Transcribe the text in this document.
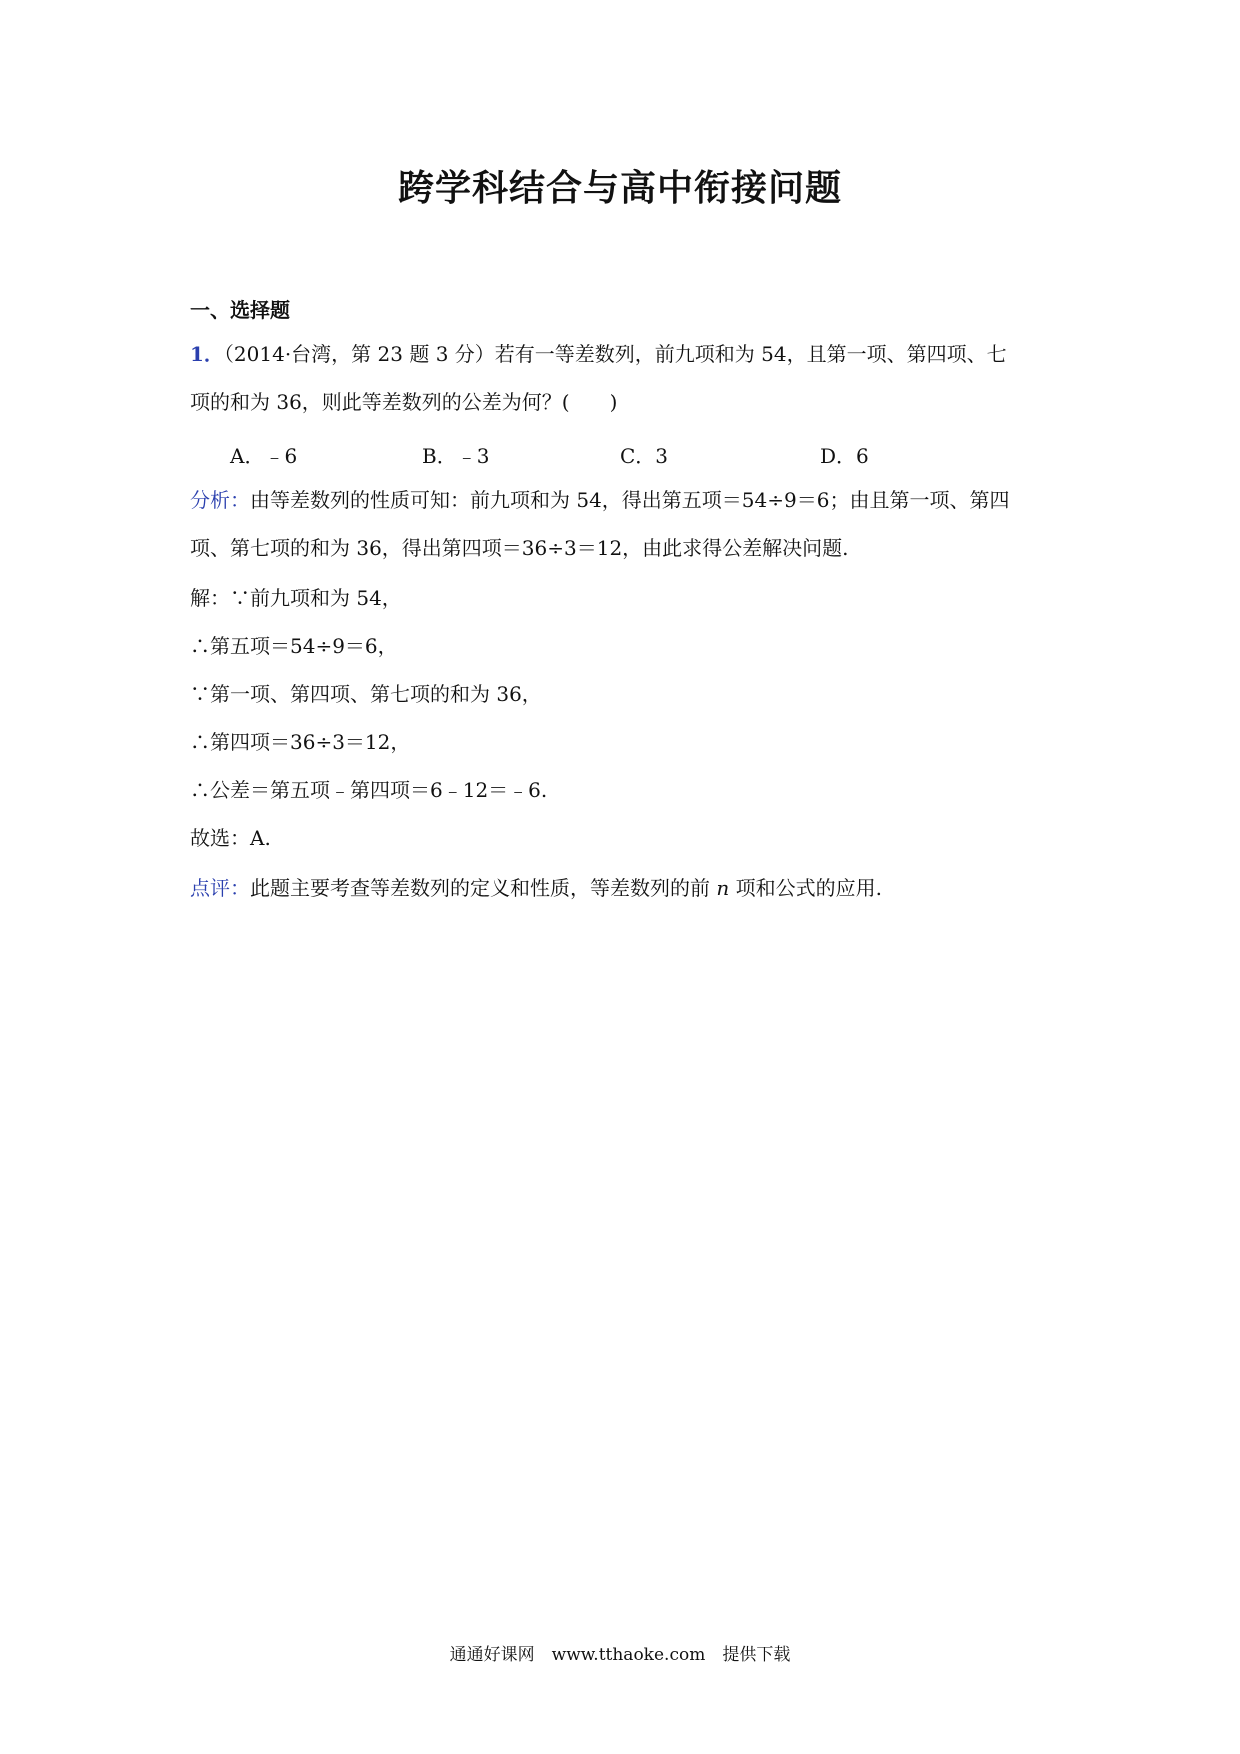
跨学科结合与高中衔接问题
一、选择题
1．（2014·台湾，第 23 题 3 分）若有一等差数列，前九项和为 54，且第一项、第四项、七
项的和为 36，则此等差数列的公差为何？(　　)
A．﹣6	B．﹣3	C．3	D．6
分析：由等差数列的性质可知：前九项和为 54，得出第五项＝54÷9＝6；由且第一项、第四
项、第七项的和为 36，得出第四项＝36÷3＝12，由此求得公差解决问题.
解：∵前九项和为 54，
∴第五项＝54÷9＝6，
∵第一项、第四项、第七项的和为 36，
∴第四项＝36÷3＝12，
∴公差＝第五项﹣第四项＝6﹣12＝﹣6.
故选：A.
点评：此题主要考查等差数列的定义和性质，等差数列的前 n 项和公式的应用.
通通好课网　www.tthaoke.com　提供下载
